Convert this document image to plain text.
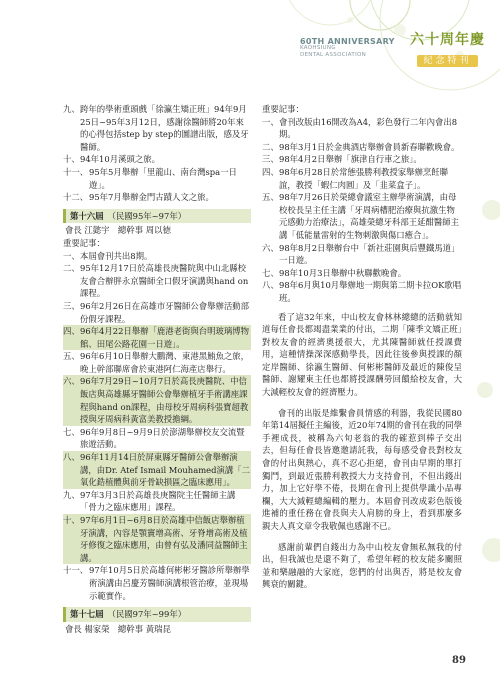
60TH ANNIVERSARY
KAOHSIUNG
DENTAL ASSOCIATION
六十周年慶
紀念特刊
九、 跨年的學術重頭戲「徐瀛生矯正班」94年9月25日~95年3月12日，感謝徐醫師將20年來的心得包括step by step的圖譜出版，感及牙醫師。
十、 94年10月溪頭之旅。
十一、 95年5月舉辦「里龍山、南台灣spa一日遊」。
十二、 95年7月舉辦金門古蹟人文之旅。
第十六屆 （民國95年~97年）
會長 江懿宇　總幹事 周以徳
重要記事：
一、 本屆會刊共出8期。
二、 95年12月17日於高雄長庚醫院與中山北縣校友會合辦胖永京醫師全口假牙演講與hand on課程。
三、 96年2月26日在高雄市牙醫師公會舉辦活動部份假牙課程。
四、 96年4月22日舉辦「鹿港老街與台明玻璃博物館、田尾公路花園一日遊」。
五、 96年6月10日舉辦大鵬灣、東港黑鮪魚之旅，晚上幹部聯席會於東港阿仁海產店舉行。
六、 96年7月29日~10月7日於高長庚醫院、中信飯店與高雄縣牙醫師公會舉辦植牙手術講座課程與hand on課程，由母校牙周病科張寶超教授與牙周病科黃富美教授擔綱。
七、 96年9月8日~9月9日於澎湖舉辦校友交流暨旅遊活動。
八、 96年11月14日於屏東縣牙醫師公會舉辦演講，由Dr. Atef Ismail Mouhamed演講「二氧化鋯植體與前牙骨缺損區之臨床應用」。
九、 97年3月3日於高雄長庚醫院主任醫師主講「骨力之臨床應用」課程。
十、 97年6月1日~6月8日於高雄中信飯店舉辦植牙演講，內容是顎竇增高術、牙脊增高術及植牙修復之臨床應用，由曾有弘及潘同益醫師主講。
十一、 97年10月5日於高雄何彬彬牙醫診所舉辦學術演講由呂慶芳醫師演講根管治療，並現場示範實作。
第十七屆 （民國97年~99年）
會長 楊家榮　總幹事 黃瑞昆
重要記事：
一、 會刊改版由16開改為A4，彩色發行二年內會出8期。
二、 98年3月1日於金典酒店舉辦會員新春聯歡晚會。
三、 98年4月2日舉辦「旗津自行車之旅」。
四、 98年6月28日於常態張勝利教授家舉辦烹飪聯誼，教授「蝦仁肉圓」及「韭菜盒子」。
五、 98年7月26日於榮總會議室主辦學術演講，由母校校長呈主任主講「牙周病槽肥治療與抗激生物元感動力治療法」，高雄榮總牙科部王延酣醫師主講「低能量雷射的生物刺激與傷口癒合」。
六、 98年8月2日舉辦台中「新社莊園與后豐鐵馬道」一日遊。
七、 98年10月3日舉辦中秋聯歡晚會。
八、 98年6月與10月舉辦地一期與第二期卡拉OK歌唱班。

看了這32年來，中山校友會林林總總的活動就知道每任會長都竭盡業業的付出，二期「陳季文矯正班」對校友會的經濟奧援很大，尤其陳醫師就任授課費用，這種情操深深感動學長，因此往後參與授課的顏定岸醫師、徐瀛生醫師、何彬彬醫師及最近的陳俊呈醫師、謝耀東主任也都將授課酬勞回饋給校友會，大大減輕校友會的經濟壓力。

會刊的出版是維繫會員情感的利器，我從民國80年第14屆擬任主編後，近20年74期的會刊在我的同學手裡成長，被稱為六旬老翁的我的確惹到棒子交出去，但每任會長皆邀邀請託我，每每感受會長對校友會的付出與熱心，真不忍心拒絕，會刊由早期的單打獨鬥，到最近張勝利教授大力支持會刊，不但出錢出力，加上它好學不倦，長期在會刊上提供學識小品專欄，大大減輕總編輯的壓力。本屆會刊改成彩色版後進補的重任務在會長與夫人肩膀的身上，看到那麼多親夫人真文章令我敬佩也感謝不已。

感謝前輩們自錢出力為中山校友會無私無我的付出，但我誠也是還不夠了，希望年輕的校友能多關照並和樂融融的大家庭，您們的付出與否，將是校友會興衰的關鍵。

89
